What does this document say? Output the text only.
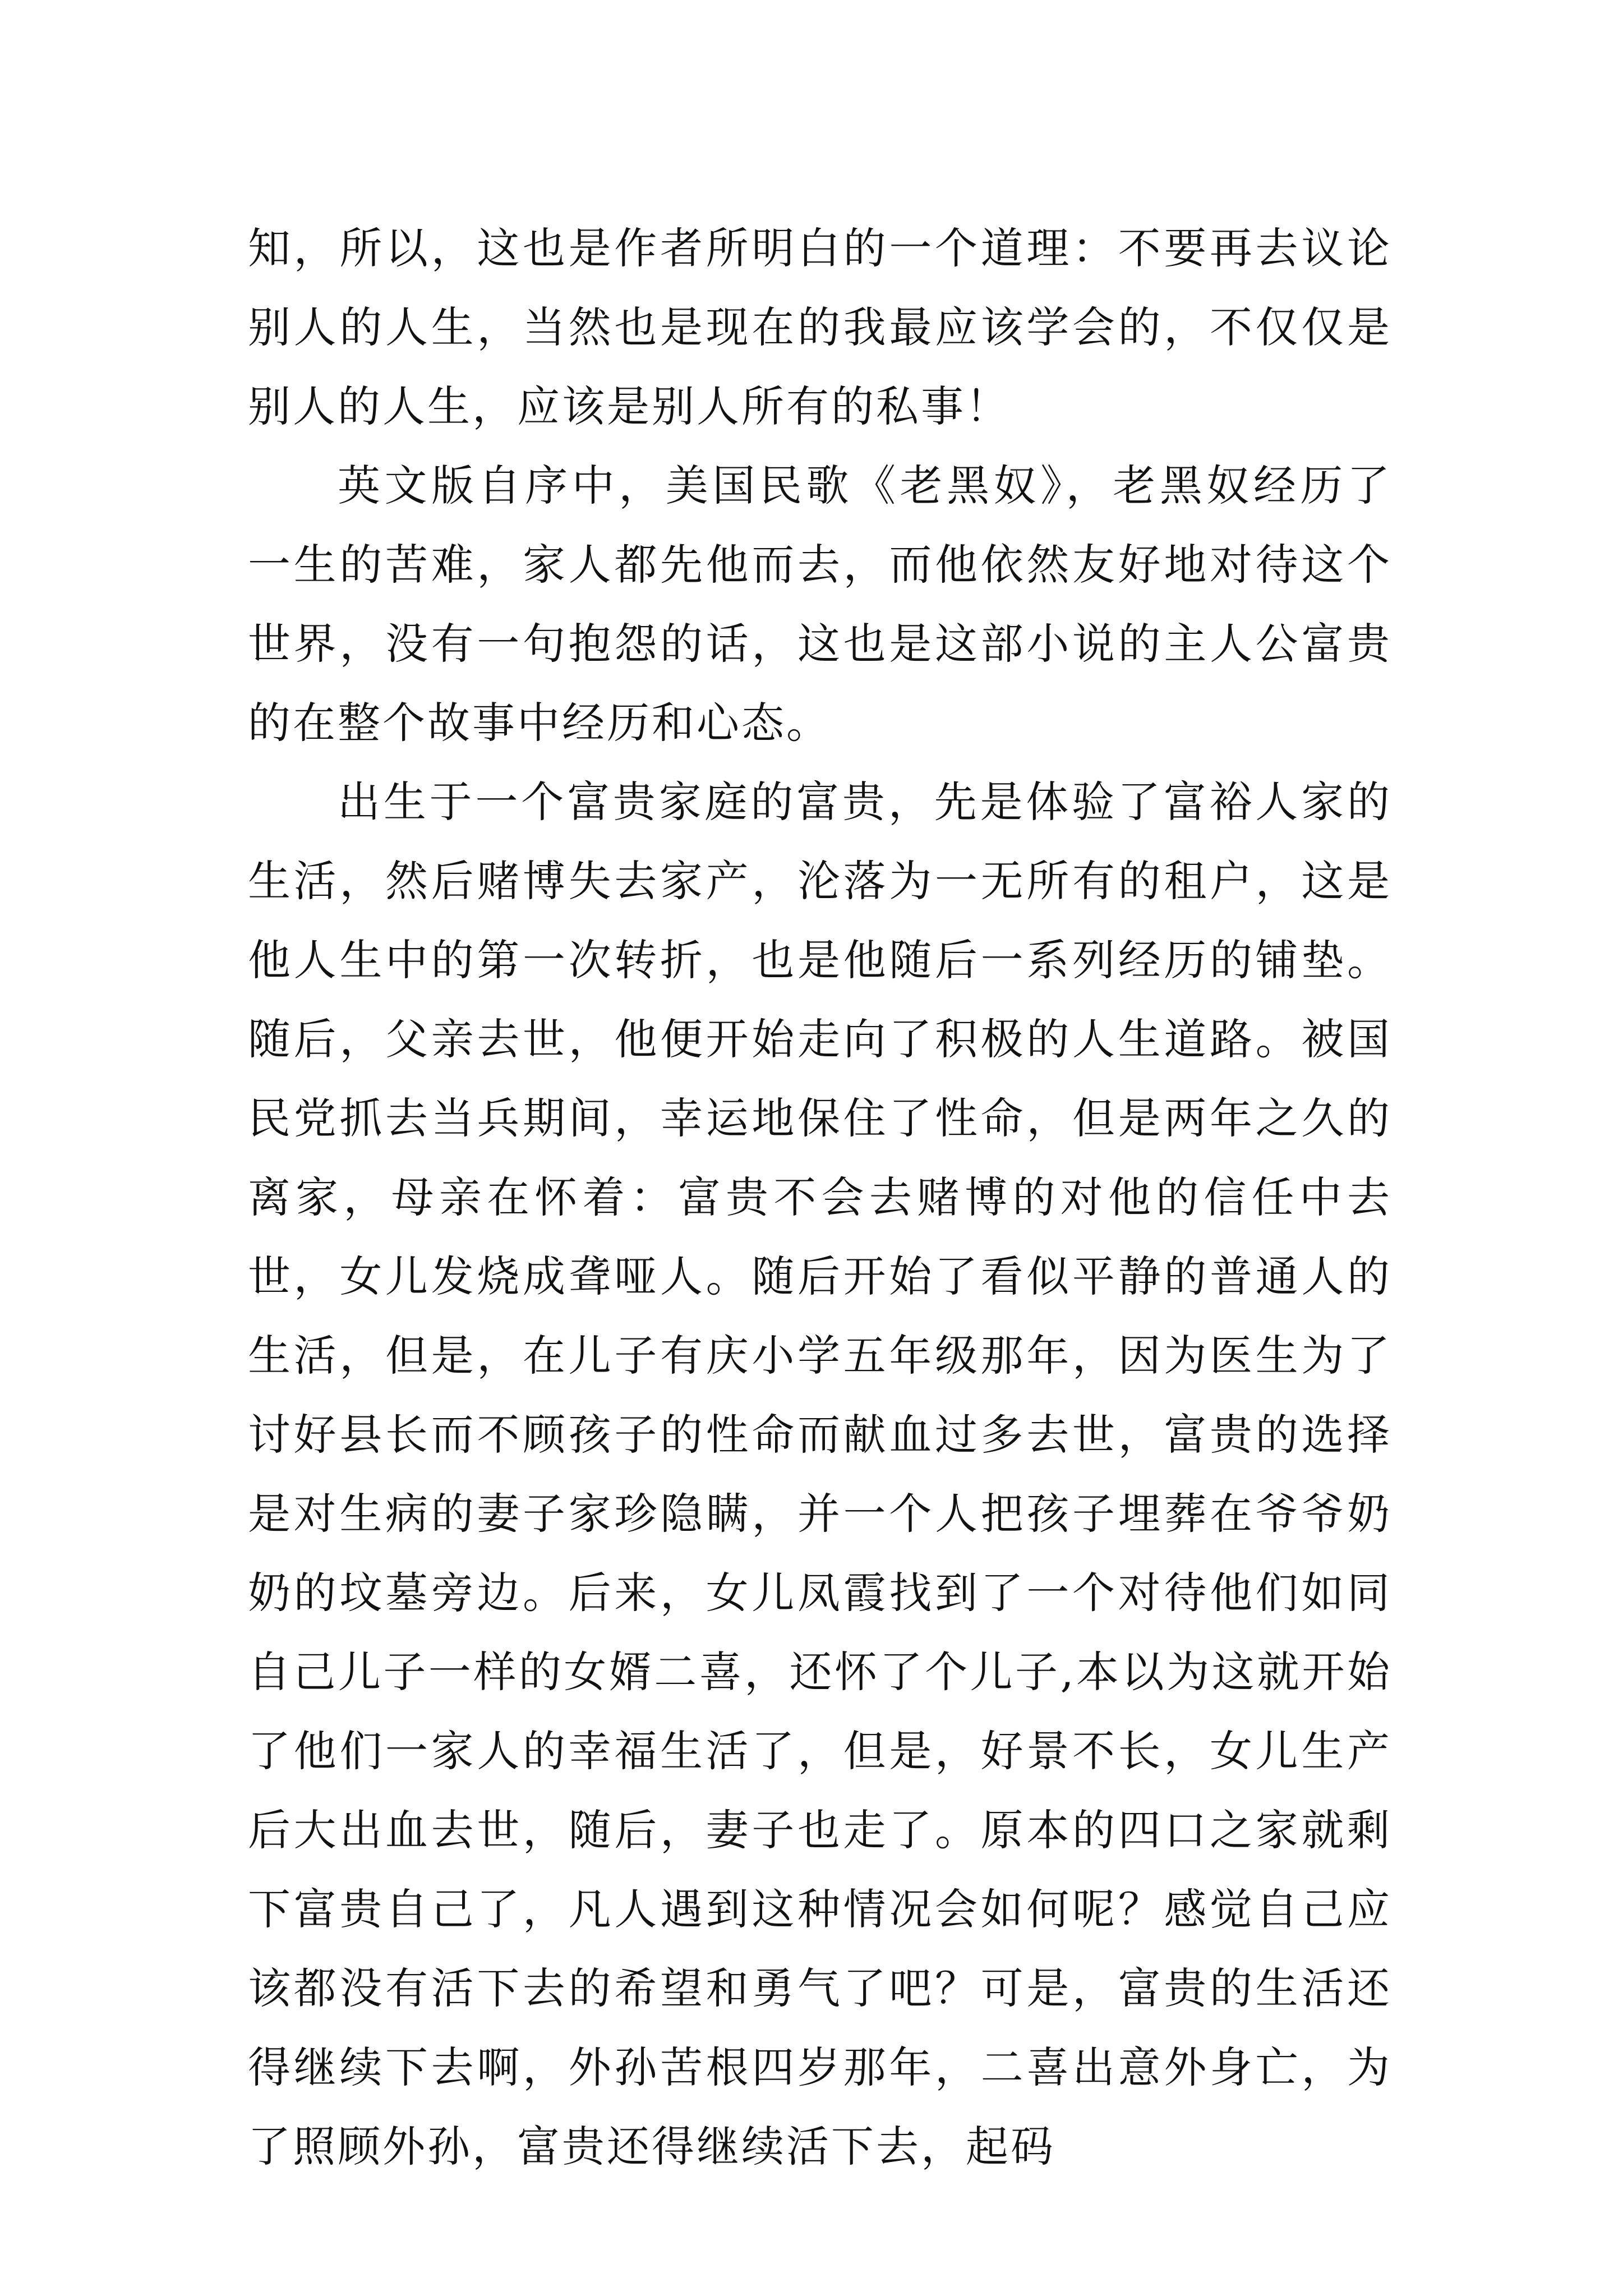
知，所以，这也是作者所明白的一个道理：不要再去议论别人的人生，当然也是现在的我最应该学会的，不仅仅是别人的人生，应该是别人所有的私事！

英文版自序中，美国民歌《老黑奴》，老黑奴经历了一生的苦难，家人都先他而去，而他依然友好地对待这个世界，没有一句抱怨的话，这也是这部小说的主人公富贵的在整个故事中经历和心态。

出生于一个富贵家庭的富贵，先是体验了富裕人家的生活，然后赌博失去家产，沦落为一无所有的租户，这是他人生中的第一次转折，也是他随后一系列经历的铺垫。随后，父亲去世，他便开始走向了积极的人生道路。被国民党抓去当兵期间，幸运地保住了性命，但是两年之久的离家，母亲在怀着：富贵不会去赌博的对他的信任中去世，女儿发烧成聋哑人。随后开始了看似平静的普通人的生活，但是，在儿子有庆小学五年级那年，因为医生为了讨好县长而不顾孩子的性命而献血过多去世，富贵的选择是对生病的妻子家珍隐瞒，并一个人把孩子埋葬在爷爷奶奶的坟墓旁边。后来，女儿凤霞找到了一个对待他们如同自己儿子一样的女婿二喜，还怀了个儿子,本以为这就开始了他们一家人的幸福生活了，但是，好景不长，女儿生产后大出血去世，随后，妻子也走了。原本的四口之家就剩下富贵自己了，凡人遇到这种情况会如何呢？感觉自己应该都没有活下去的希望和勇气了吧？可是，富贵的生活还得继续下去啊，外孙苦根四岁那年，二喜出意外身亡，为了照顾外孙，富贵还得继续活下去，起码
